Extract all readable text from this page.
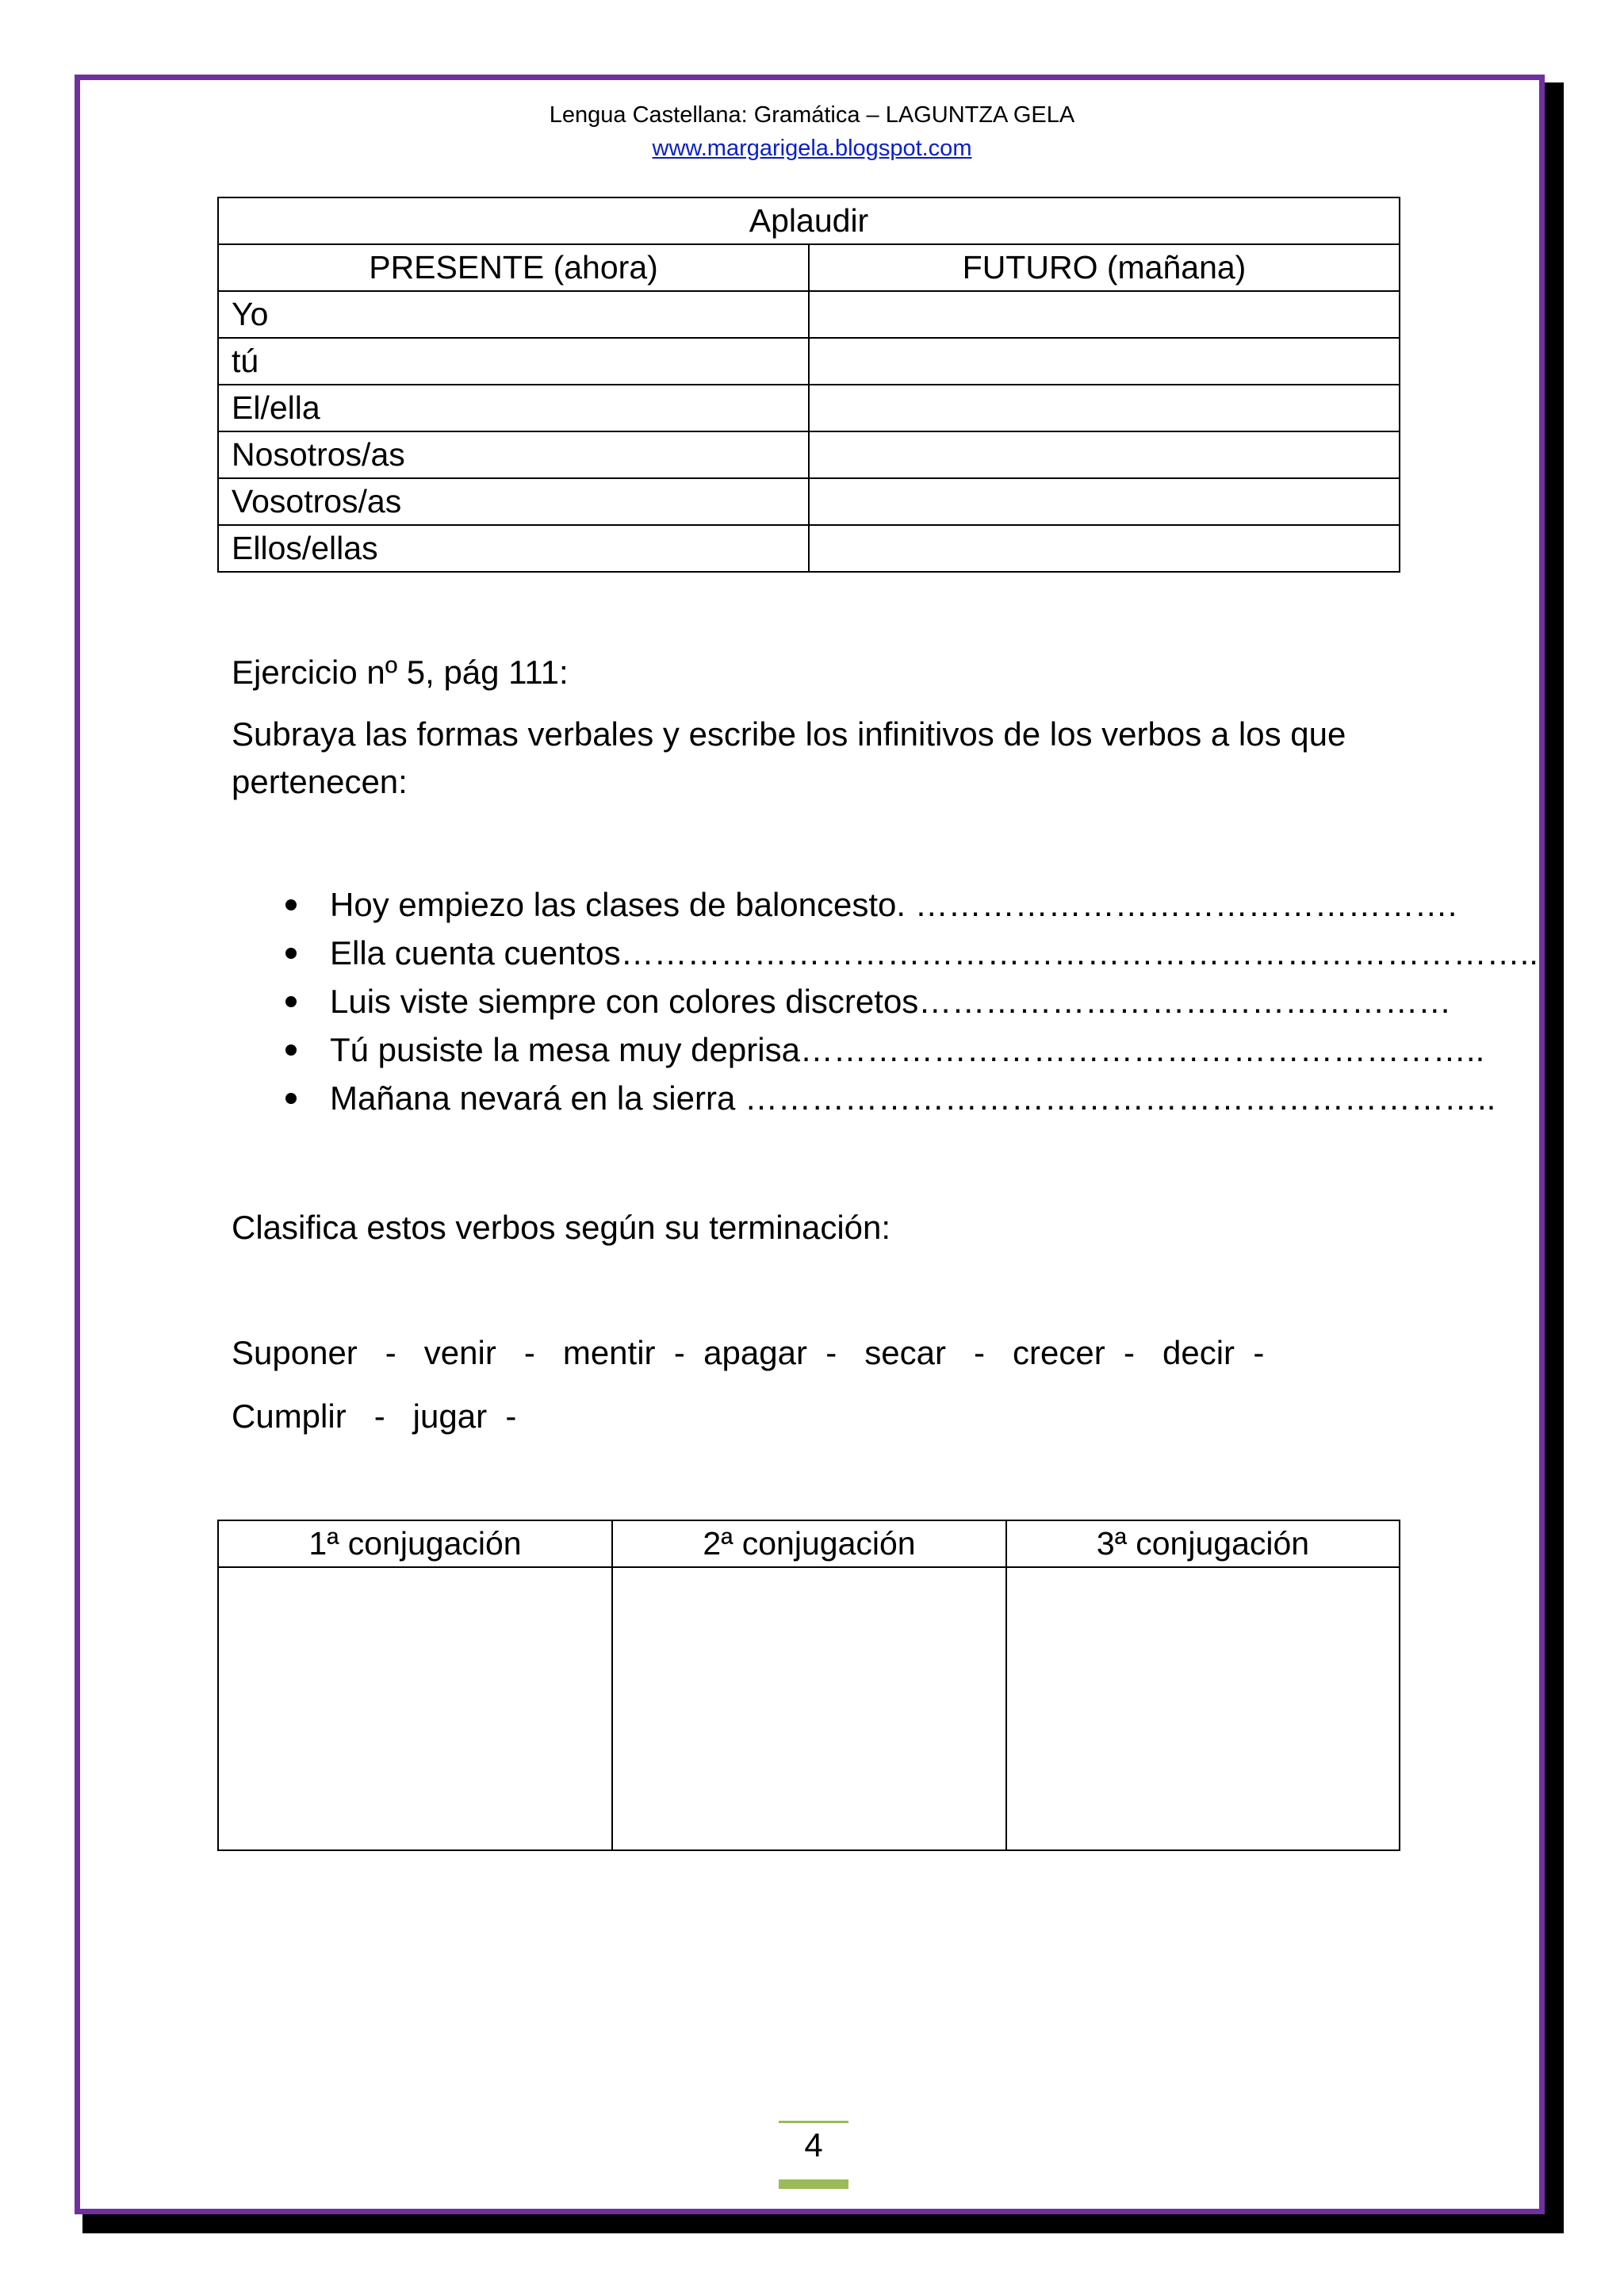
Lengua Castellana: Gramática – LAGUNTZA GELA
www.margarigela.blogspot.com
Aplaudir	
PRESENTE (ahora)	FUTURO (mañana)
Yo	
tú	
El/ella	
Nosotros/as	
Vosotros/as	
Ellos/ellas	
Ejercicio nº 5, pág 111:
Subraya las formas verbales y escribe los infinitivos de los verbos a los que pertenecen:
Hoy empiezo las clases de baloncesto. ………………………………………….
Ella cuenta cuentos………………………………………………………………………..
Luis viste siempre con colores discretos…………………………………………
Tú pusiste la mesa muy deprisa……………………………………………………..
Mañana nevará en la sierra …………………………………………………………..
Clasifica estos verbos según su terminación:
Suponer   -   venir   -   mentir  -  apagar  -   secar   -   crecer  -   decir  -
Cumplir   -   jugar  -
1ª conjugación	2ª conjugación	3ª conjugación

4
